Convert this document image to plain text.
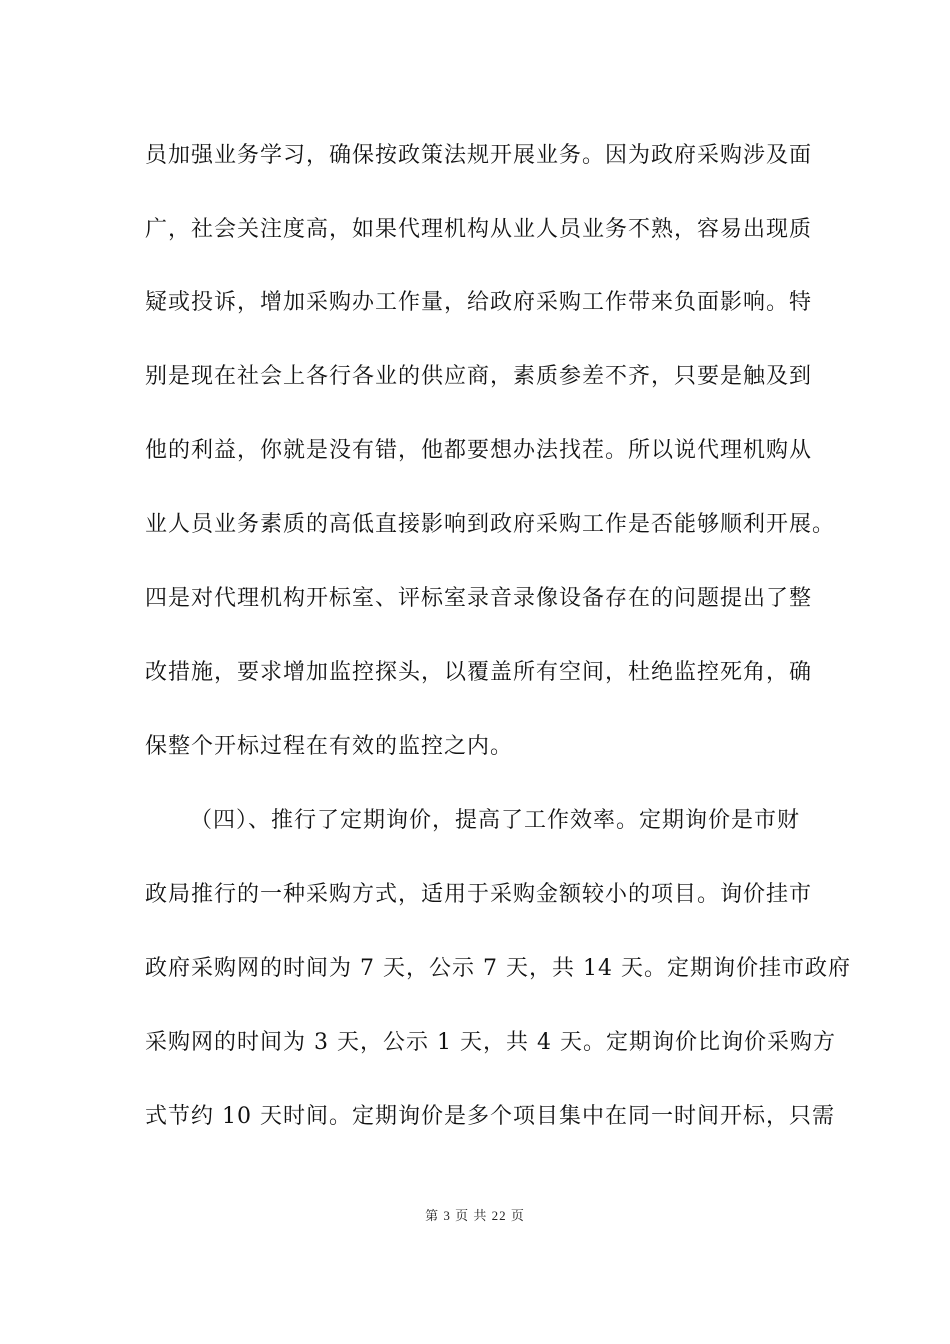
员加强业务学习，确保按政策法规开展业务。因为政府采购涉及面
广，社会关注度高，如果代理机构从业人员业务不熟，容易出现质
疑或投诉，增加采购办工作量，给政府采购工作带来负面影响。特
别是现在社会上各行各业的供应商，素质参差不齐，只要是触及到
他的利益，你就是没有错，他都要想办法找茬。所以说代理机购从
业人员业务素质的高低直接影响到政府采购工作是否能够顺利开展。
四是对代理机构开标室、评标室录音录像设备存在的问题提出了整
改措施，要求增加监控探头，以覆盖所有空间，杜绝监控死角，确
保整个开标过程在有效的监控之内。
（四）、推行了定期询价，提高了工作效率。定期询价是市财
政局推行的一种采购方式，适用于采购金额较小的项目。询价挂市
政府采购网的时间为 7 天，公示 7 天，共 14 天。定期询价挂市政府
采购网的时间为 3 天，公示 1 天，共 4 天。定期询价比询价采购方
式节约 10 天时间。定期询价是多个项目集中在同一时间开标，只需
第 3 页 共 22 页
